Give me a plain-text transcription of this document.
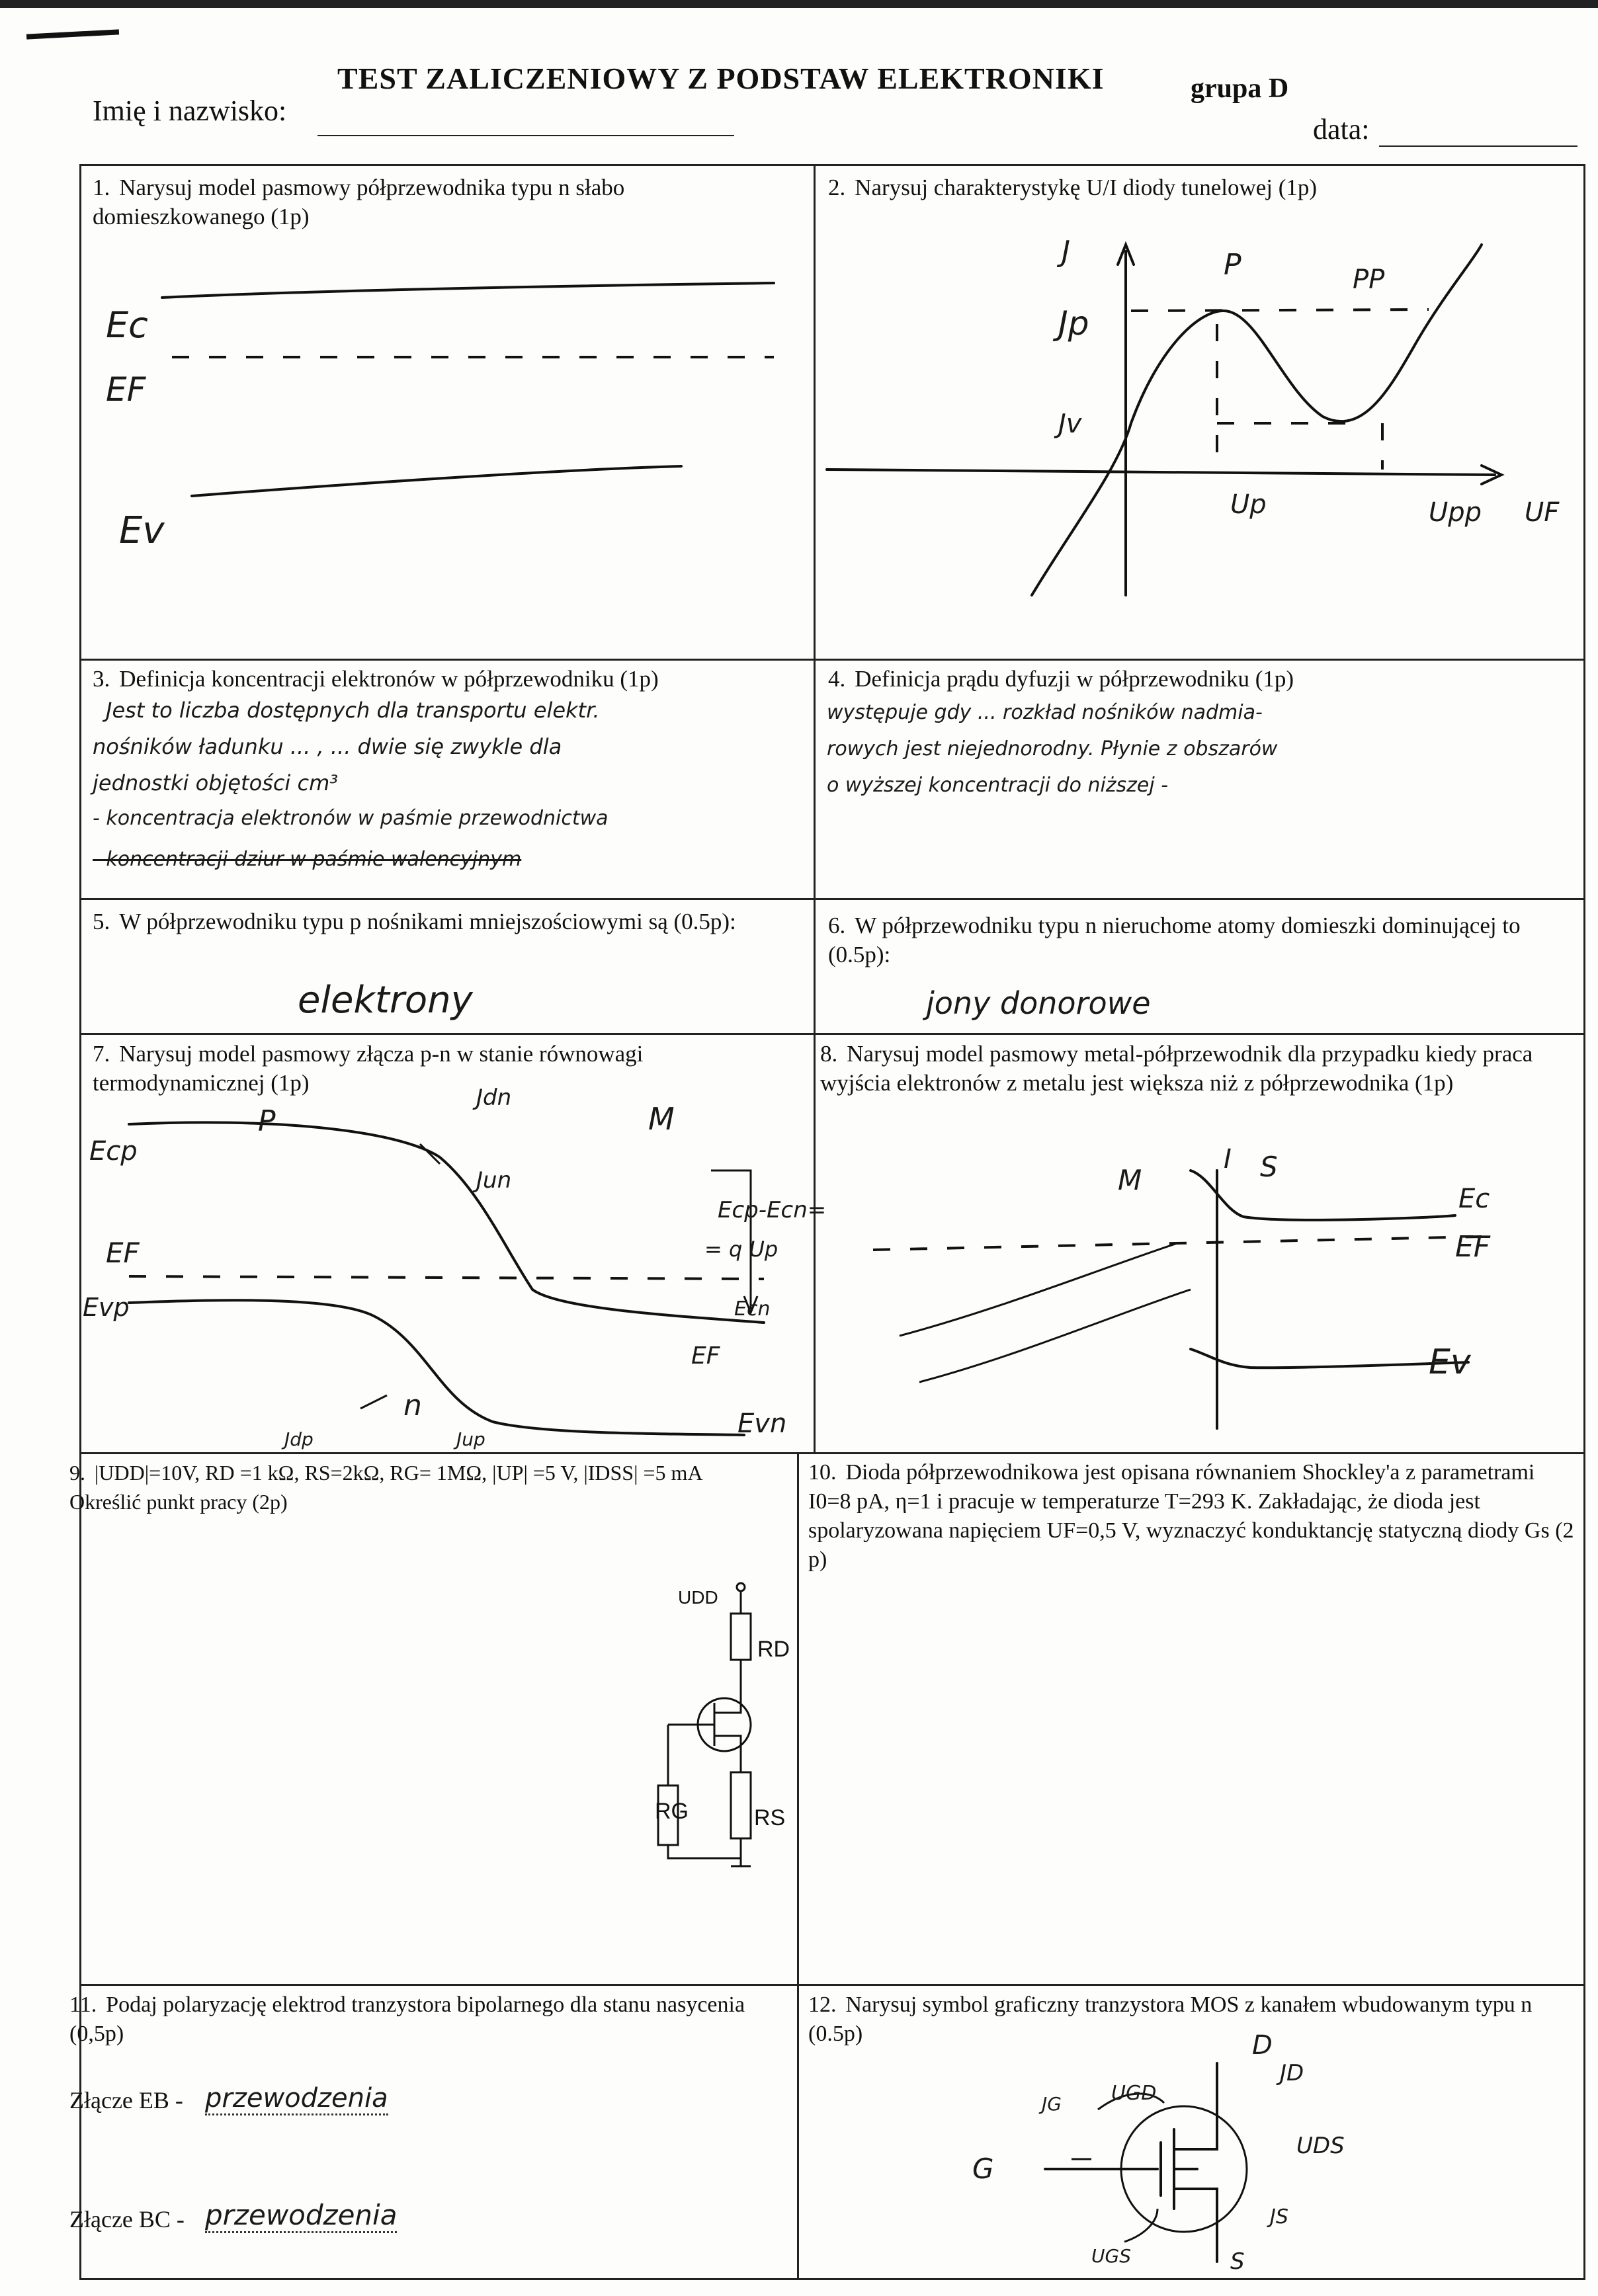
TEST ZALICZENIOWY Z PODSTAW ELEKTRONIKI	grupa D
Imię i nazwisko:
data:
1. Narysuj model pasmowy półprzewodnika typu n słabo domieszkowanego (1p)
Ec
EF
Ev
2. Narysuj charakterystykę U/I diody tunelowej (1p)
J
Jp
Jv
P	PP
Up	Upp UF
3. Definicja koncentracji elektronów w półprzewodniku (1p)
Jest to liczba dostępnych dla transportu elektr.
nośników ładunku ... , ... dwie się zwykle dla
jednostki objętości cm³
- koncentracja elektronów w paśmie przewodnictwa
- koncentracji dziur w paśmie walencyjnym
4. Definicja prądu dyfuzji w półprzewodniku (1p)
występuje gdy ... rozkład nośników nadmia-
rowych jest niejednorodny. Płynie z obszarów
o wyższej koncentracji do niższej -
5. W półprzewodniku typu p nośnikami mniejszościowymi są (0.5p):
elektrony
6. W półprzewodniku typu n nieruchome atomy domieszki dominującej to (0.5p):
jony donorowe
7. Narysuj model pasmowy złącza p-n w stanie równowagi termodynamicznej (1p)
Ecp
P
Jdn
Jun
M
EF
Evp
Ecp-Ecn=
= q Up
Ecn
EF
Evn
n
Jdp	Jup
8. Narysuj model pasmowy metal-półprzewodnik dla przypadku kiedy praca wyjścia elektronów z metalu jest większa niż z półprzewodnika (1p)
M
I S
Ec
EF
Ev
9. |UDD|=10V, RD =1 kΩ, RS=2kΩ, RG= 1MΩ, |UP| =5 V, |IDSS| =5 mA
Określić punkt pracy (2p)
UDD
RD
RG	RS
10. Dioda półprzewodnikowa jest opisana równaniem Shockley'a z parametrami I0=8 pA, η=1 i pracuje w temperaturze T=293 K. Zakładając, że dioda jest spolaryzowana napięciem UF=0,5 V, wyznaczyć konduktancję statyczną diody Gs (2 p)
11. Podaj polaryzację elektrod tranzystora bipolarnego dla stanu nasycenia (0,5p)
Złącze EB - przewodzenia
Złącze BC - przewodzenia
12. Narysuj symbol graficzny tranzystora MOS z kanałem wbudowanym typu n (0.5p)	D
JD
UGD
JG
G
UDS
JS
UGS	S
